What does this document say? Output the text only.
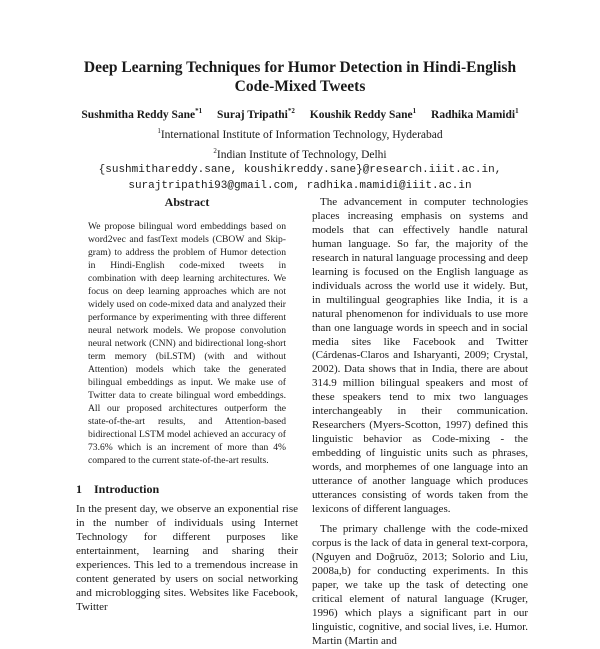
Deep Learning Techniques for Humor Detection in Hindi-English
Code-Mixed Tweets
Sushmitha Reddy Sane$^{*1}$ Suraj Tripathi$^{*2}$ Koushik Reddy Sane$^1$ Radhika Mamidi$^1$
$^1$International Institute of Information Technology, Hyderabad
$^2$Indian Institute of Technology, Delhi
{sushmithareddy.sane, koushikreddy.sane}@research.iiit.ac.in,
surajtripathi93@gmail.com, radhika.mamidi@iiit.ac.in
Abstract

We propose bilingual word embeddings based on word2vec and fastText models (CBOW and Skip-gram) to address the problem of Humor detection in Hindi-English code-mixed tweets in combination with deep learning architectures. We focus on deep learning approaches which are not widely used on code-mixed data and analyzed their performance by experimenting with three different neural network models. We propose convolution neural network (CNN) and bidirectional long-short term memory (biLSTM) (with and without Attention) models which take the generated bilingual embeddings as input. We make use of Twitter data to create bilingual word embeddings. All our proposed architectures outperform the state-of-the-art results, and Attention-based bidirectional LSTM model achieved an accuracy of 73.6% which is an increment of more than 4% compared to the current state-of-the-art results.

1 Introduction

In the present day, we observe an exponential rise in the number of individuals using Internet Technology for different purposes like entertainment, learning and sharing their experiences. This led to a tremendous increase in content generated by users on social networking and microblogging sites. Websites like Facebook, Twitter

The advancement in computer technologies places increasing emphasis on systems and models that can effectively handle natural human language. So far, the majority of the research in natural language processing and deep learning is focused on the English language as individuals across the world use it widely. But, in multilingual geographies like India, it is a natural phenomenon for individuals to use more than one language words in speech and in social media sites like Facebook and Twitter (Cárdenas-Claros and Isharyanti, 2009; Crystal, 2002). Data shows that in India, there are about 314.9 million bilingual speakers and most of these speakers tend to mix two languages interchangeably in their communication. Researchers (Myers-Scotton, 1997) defined this linguistic behavior as Code-mixing - the embedding of linguistic units such as phrases, words, and morphemes of one language into an utterance of another language which produces utterances consisting of words taken from the lexicons of different languages.

The primary challenge with the code-mixed corpus is the lack of data in general text-corpora, (Nguyen and Doğruöz, 2013; Solorio and Liu, 2008a,b) for conducting experiments. In this paper, we take up the task of detecting one critical element of natural language (Kruger, 1996) which plays a significant part in our linguistic, cognitive, and social lives, i.e. Humor. Martin (Martin and
